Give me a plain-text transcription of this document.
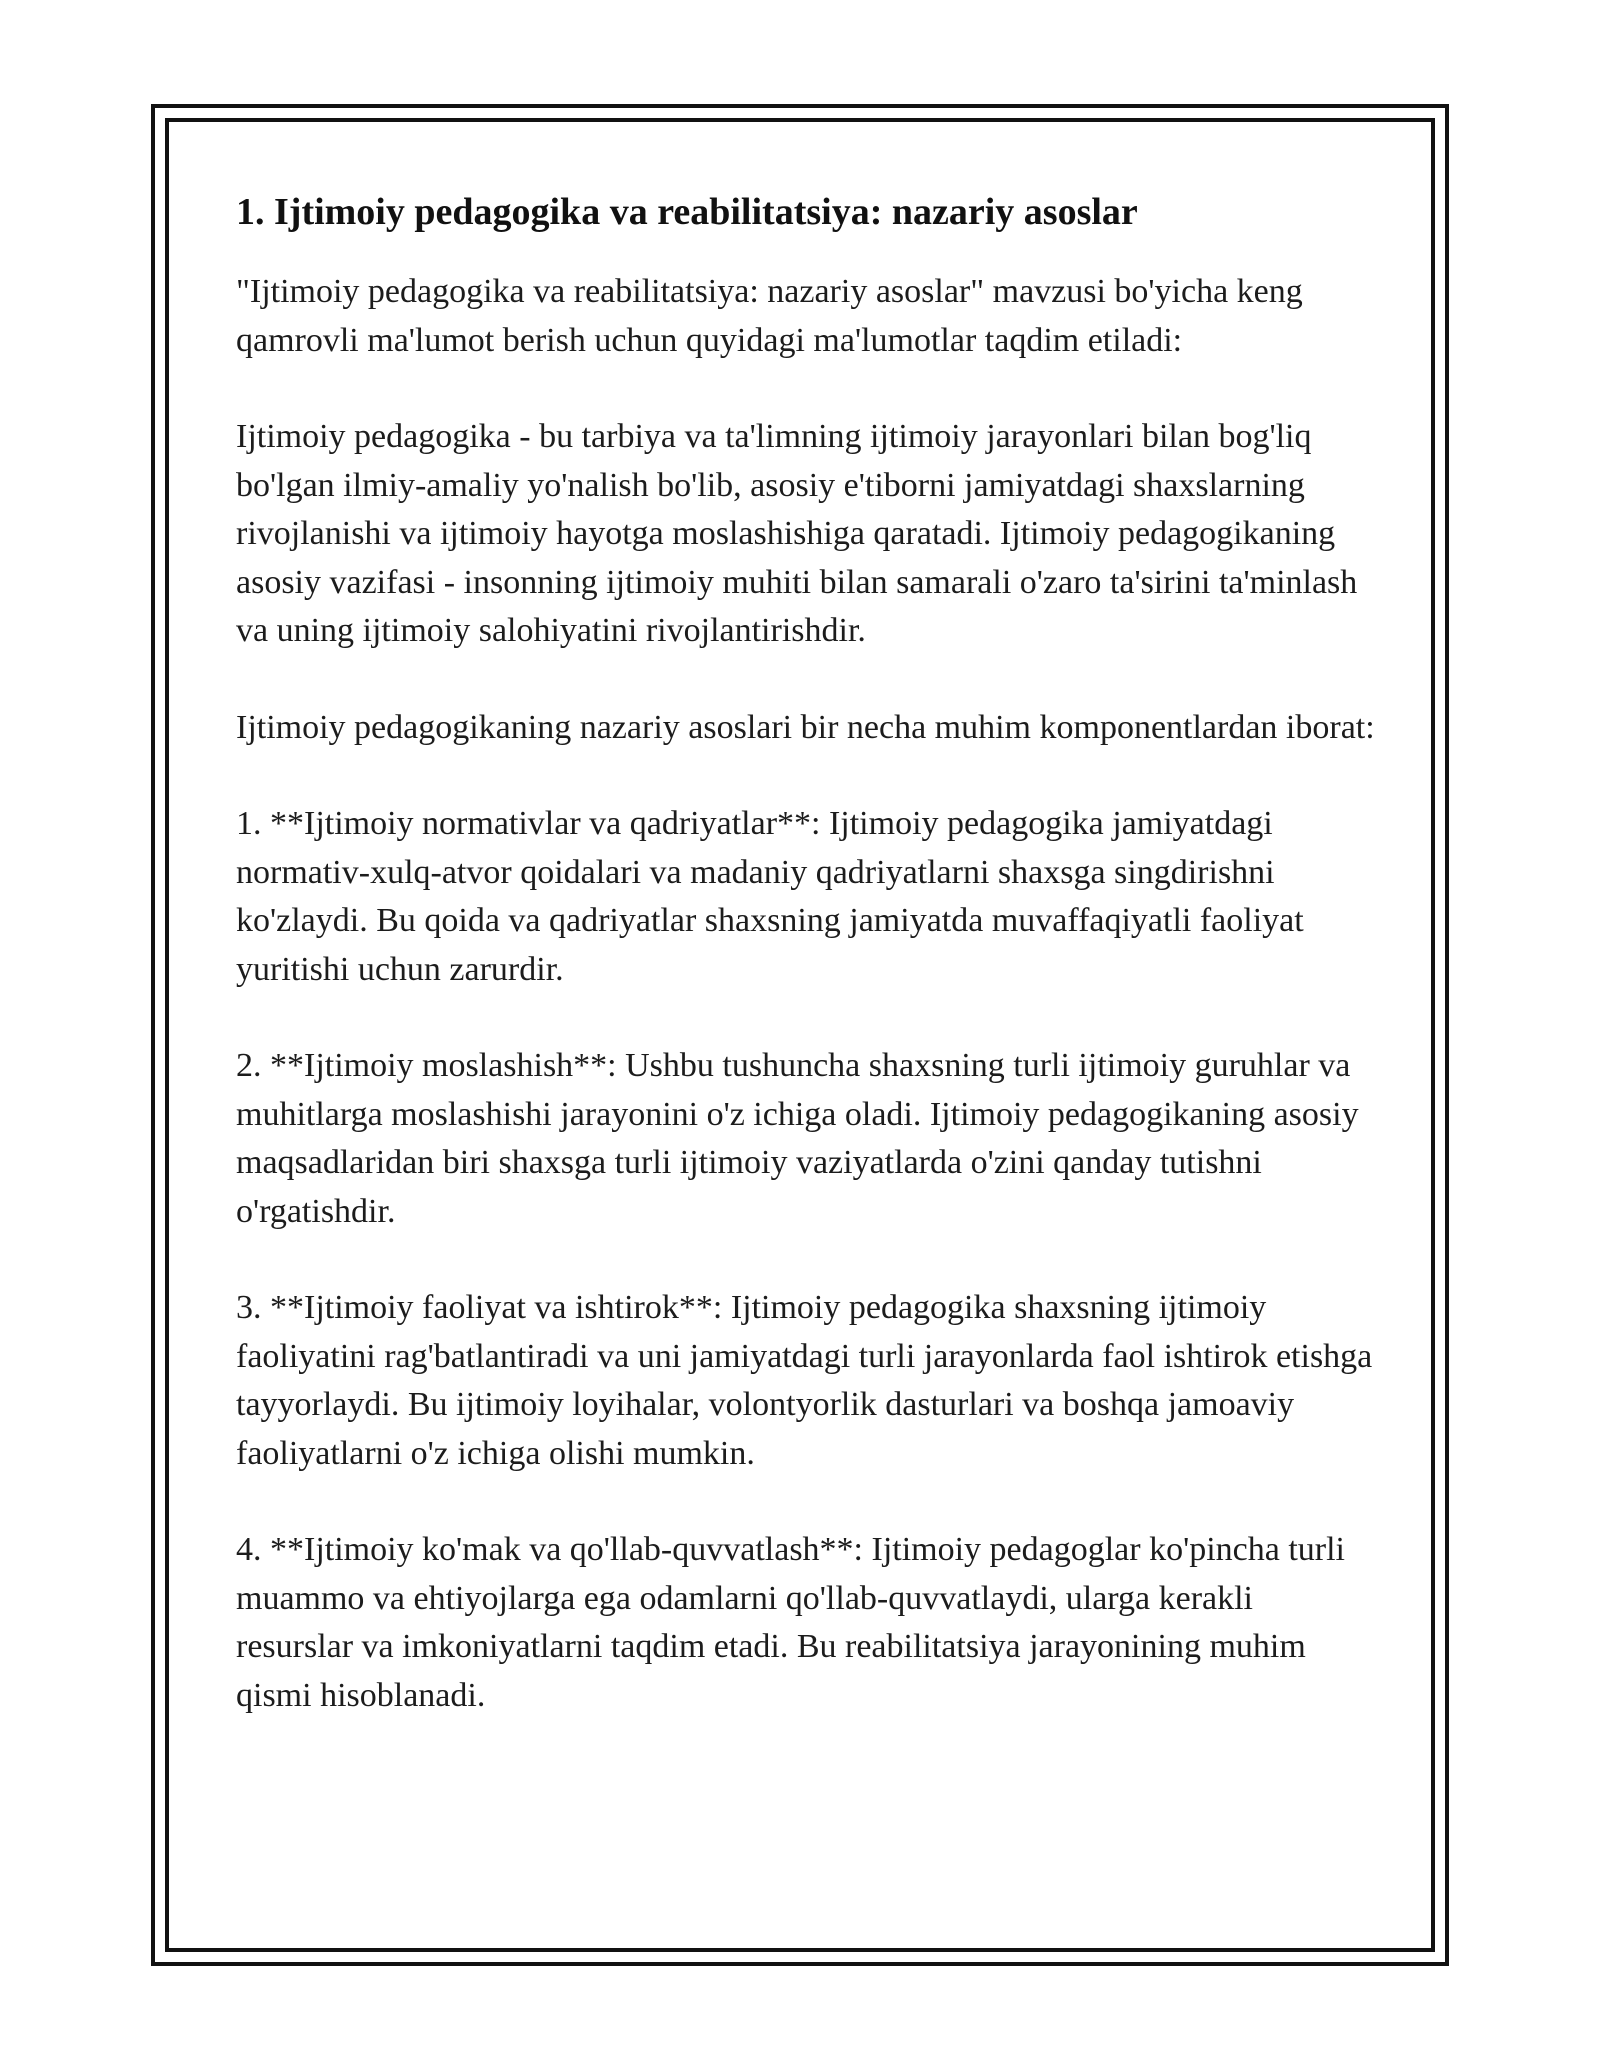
1. Ijtimoiy pedagogika va reabilitatsiya: nazariy asoslar

"Ijtimoiy pedagogika va reabilitatsiya: nazariy asoslar" mavzusi bo'yicha keng qamrovli ma'lumot berish uchun quyidagi ma'lumotlar taqdim etiladi:

Ijtimoiy pedagogika - bu tarbiya va ta'limning ijtimoiy jarayonlari bilan bog'liq bo'lgan ilmiy-amaliy yo'nalish bo'lib, asosiy e'tiborni jamiyatdagi shaxslarning rivojlanishi va ijtimoiy hayotga moslashishiga qaratadi. Ijtimoiy pedagogikaning asosiy vazifasi - insonning ijtimoiy muhiti bilan samarali o'zaro ta'sirini ta'minlash va uning ijtimoiy salohiyatini rivojlantirishdir.

Ijtimoiy pedagogikaning nazariy asoslari bir necha muhim komponentlardan iborat:

1. **Ijtimoiy normativlar va qadriyatlar**: Ijtimoiy pedagogika jamiyatdagi normativ-xulq-atvor qoidalari va madaniy qadriyatlarni shaxsga singdirishni ko'zlaydi. Bu qoida va qadriyatlar shaxsning jamiyatda muvaffaqiyatli faoliyat yuritishi uchun zarurdir.

2. **Ijtimoiy moslashish**: Ushbu tushuncha shaxsning turli ijtimoiy guruhlar va muhitlarga moslashishi jarayonini o'z ichiga oladi. Ijtimoiy pedagogikaning asosiy maqsadlaridan biri shaxsga turli ijtimoiy vaziyatlarda o'zini qanday tutishni o'rgatishdir.

3. **Ijtimoiy faoliyat va ishtirok**: Ijtimoiy pedagogika shaxsning ijtimoiy faoliyatini rag'batlantiradi va uni jamiyatdagi turli jarayonlarda faol ishtirok etishga tayyorlaydi. Bu ijtimoiy loyihalar, volontyorlik dasturlari va boshqa jamoaviy faoliyatlarni o'z ichiga olishi mumkin.

4. **Ijtimoiy ko'mak va qo'llab-quvvatlash**: Ijtimoiy pedagoglar ko'pincha turli muammo va ehtiyojlarga ega odamlarni qo'llab-quvvatlaydi, ularga kerakli resurslar va imkoniyatlarni taqdim etadi. Bu reabilitatsiya jarayonining muhim qismi hisoblanadi.
